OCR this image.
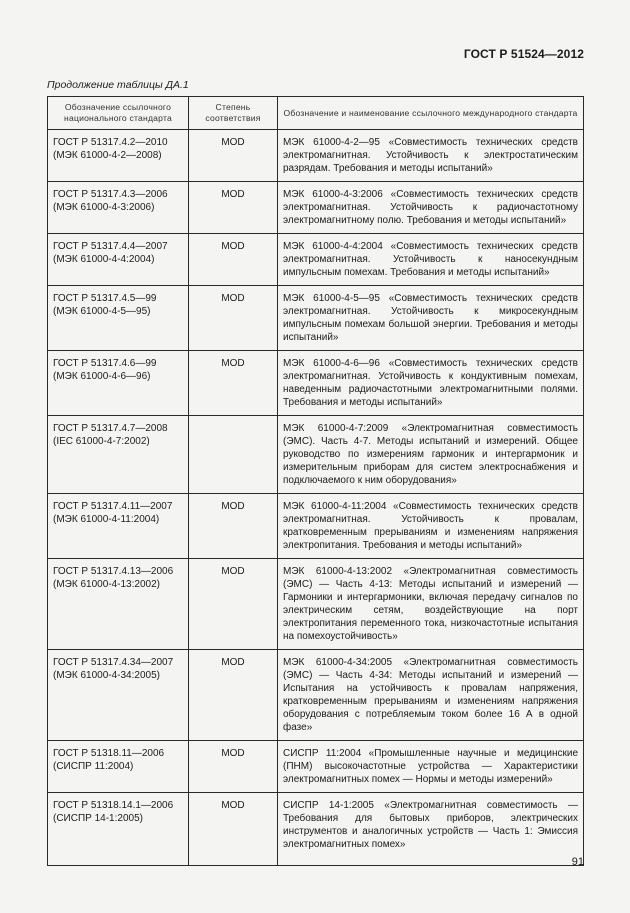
ГОСТ Р 51524—2012
Продолжение таблицы ДА.1
Обозначение ссылочного национального стандарта	Степень соответствия	Обозначение и наименование ссылочного международного стандарта
ГОСТ Р 51317.4.2—2010
(МЭК 61000-4-2—2008)	MOD	МЭК 61000-4-2—95 «Совместимость технических средств электромагнитная. Устойчивость к электростатическим разрядам. Требования и методы испытаний»
ГОСТ Р 51317.4.3—2006
(МЭК 61000-4-3:2006)	MOD	МЭК 61000-4-3:2006 «Совместимость технических средств электромагнитная. Устойчивость к радиочастотному электромагнитному полю. Требования и методы испытаний»
ГОСТ Р 51317.4.4—2007
(МЭК 61000-4-4:2004)	MOD	МЭК 61000-4-4:2004 «Совместимость технических средств электромагнитная. Устойчивость к наносекундным импульсным помехам. Требования и методы испытаний»
ГОСТ Р 51317.4.5—99
(МЭК 61000-4-5—95)	MOD	МЭК 61000-4-5—95 «Совместимость технических средств электромагнитная. Устойчивость к микросекундным импульсным помехам большой энергии. Требования и методы испытаний»
ГОСТ Р 51317.4.6—99
(МЭК 61000-4-6—96)	MOD	МЭК 61000-4-6—96 «Совместимость технических средств электромагнитная. Устойчивость к кондуктивным помехам, наведенным радиочастотными электромагнитными полями. Требования и методы испытаний»
ГОСТ Р 51317.4.7—2008
(IEC 61000-4-7:2002)		МЭК 61000-4-7:2009 «Электромагнитная совместимость (ЭМС). Часть 4-7. Методы испытаний и измерений. Общее руководство по измерениям гармоник и интергармоник и измерительным приборам для систем электроснабжения и подключаемого к ним оборудования»
ГОСТ Р 51317.4.11—2007
(МЭК 61000-4-11:2004)	MOD	МЭК 61000-4-11:2004 «Совместимость технических средств электромагнитная. Устойчивость к провалам, кратковременным прерываниям и изменениям напряжения электропитания. Требования и методы испытаний»
ГОСТ Р 51317.4.13—2006
(МЭК 61000-4-13:2002)	MOD	МЭК 61000-4-13:2002 «Электромагнитная совместимость (ЭМС) — Часть 4-13: Методы испытаний и измерений — Гармоники и интергармоники, включая передачу сигналов по электрическим сетям, воздействующие на порт электропитания переменного тока, низкочастотные испытания на помехоустойчивость»
ГОСТ Р 51317.4.34—2007
(МЭК 61000-4-34:2005)	MOD	МЭК 61000-4-34:2005 «Электромагнитная совместимость (ЭМС) — Часть 4-34: Методы испытаний и измерений — Испытания на устойчивость к провалам напряжения, кратковременным прерываниям и изменениям напряжения оборудования с потребляемым током более 16 А в одной фазе»
ГОСТ Р 51318.11—2006
(СИСПР 11:2004)	MOD	СИСПР 11:2004 «Промышленные научные и медицинские (ПНМ) высокочастотные устройства — Характеристики электромагнитных помех — Нормы и методы измерений»
ГОСТ Р 51318.14.1—2006
(СИСПР 14-1:2005)	MOD	СИСПР 14-1:2005 «Электромагнитная совместимость — Требования для бытовых приборов, электрических инструментов и аналогичных устройств — Часть 1: Эмиссия электромагнитных помех»
91
